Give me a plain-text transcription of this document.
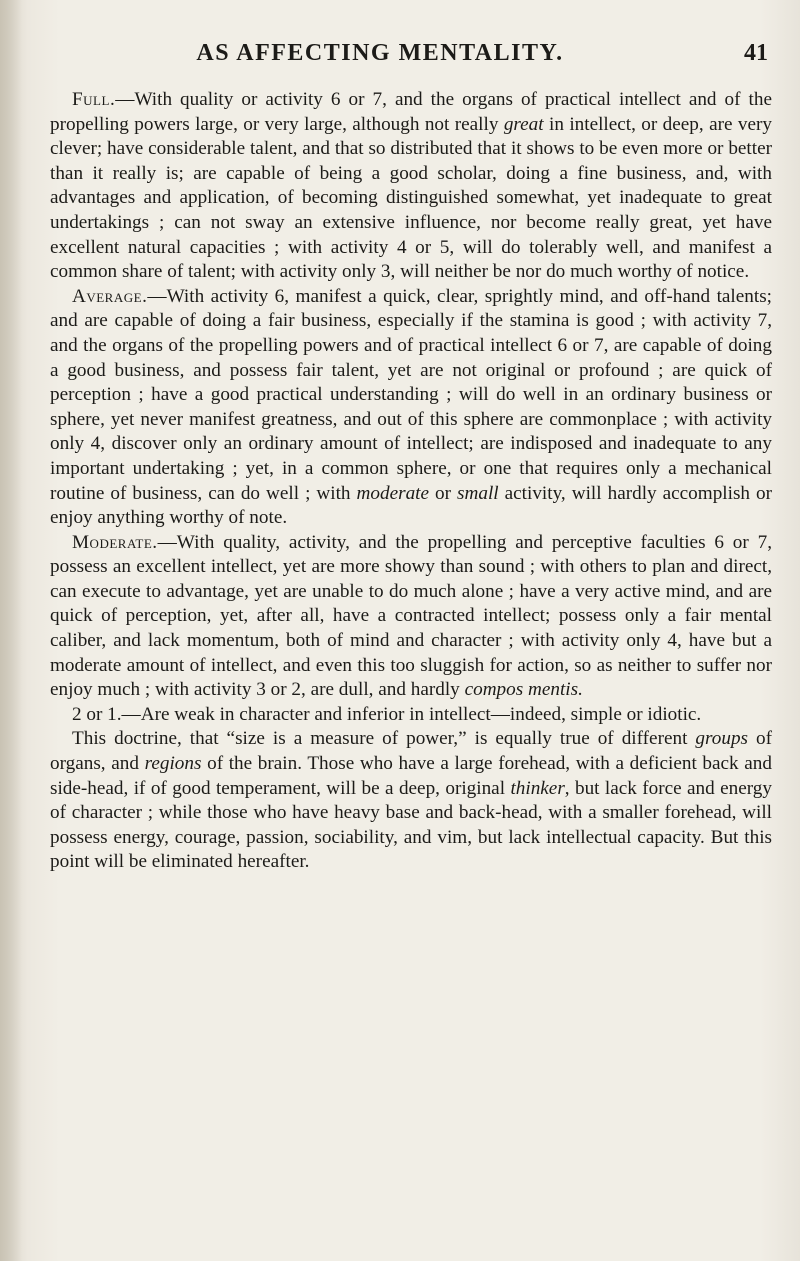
AS AFFECTING MENTALITY.	41

Full.—With quality or activity 6 or 7, and the organs of practical intellect and of the propelling powers large, or very large, although not really great in intellect, or deep, are very clever; have considerable talent, and that so distributed that it shows to be even more or better than it really is; are capable of being a good scholar, doing a fine business, and, with advantages and application, of becoming distinguished somewhat, yet inadequate to great undertakings ; can not sway an extensive influence, nor become really great, yet have excellent natural capacities ; with activity 4 or 5, will do tolerably well, and manifest a common share of talent; with activity only 3, will neither be nor do much worthy of notice.

Average.—With activity 6, manifest a quick, clear, sprightly mind, and off-hand talents; and are capable of doing a fair business, especially if the stamina is good ; with activity 7, and the organs of the propelling powers and of practical intellect 6 or 7, are capable of doing a good business, and possess fair talent, yet are not original or profound ; are quick of perception ; have a good practical understanding ; will do well in an ordinary business or sphere, yet never manifest greatness, and out of this sphere are commonplace ; with activity only 4, discover only an ordinary amount of intellect; are indisposed and inadequate to any important undertaking ; yet, in a common sphere, or one that requires only a mechanical routine of business, can do well ; with moderate or small activity, will hardly accomplish or enjoy anything worthy of note.

Moderate.—With quality, activity, and the propelling and perceptive faculties 6 or 7, possess an excellent intellect, yet are more showy than sound ; with others to plan and direct, can execute to advantage, yet are unable to do much alone ; have a very active mind, and are quick of perception, yet, after all, have a contracted intellect; possess only a fair mental caliber, and lack momentum, both of mind and character ; with activity only 4, have but a moderate amount of intellect, and even this too sluggish for action, so as neither to suffer nor enjoy much ; with activity 3 or 2, are dull, and hardly compos mentis.

2 or 1.—Are weak in character and inferior in intellect—indeed, simple or idiotic.

This doctrine, that “size is a measure of power,” is equally true of different groups of organs, and regions of the brain. Those who have a large forehead, with a deficient back and side-head, if of good temperament, will be a deep, original thinker, but lack force and energy of character ; while those who have heavy base and back-head, with a smaller forehead, will possess energy, courage, passion, sociability, and vim, but lack intellectual capacity. But this point will be eliminated hereafter.
